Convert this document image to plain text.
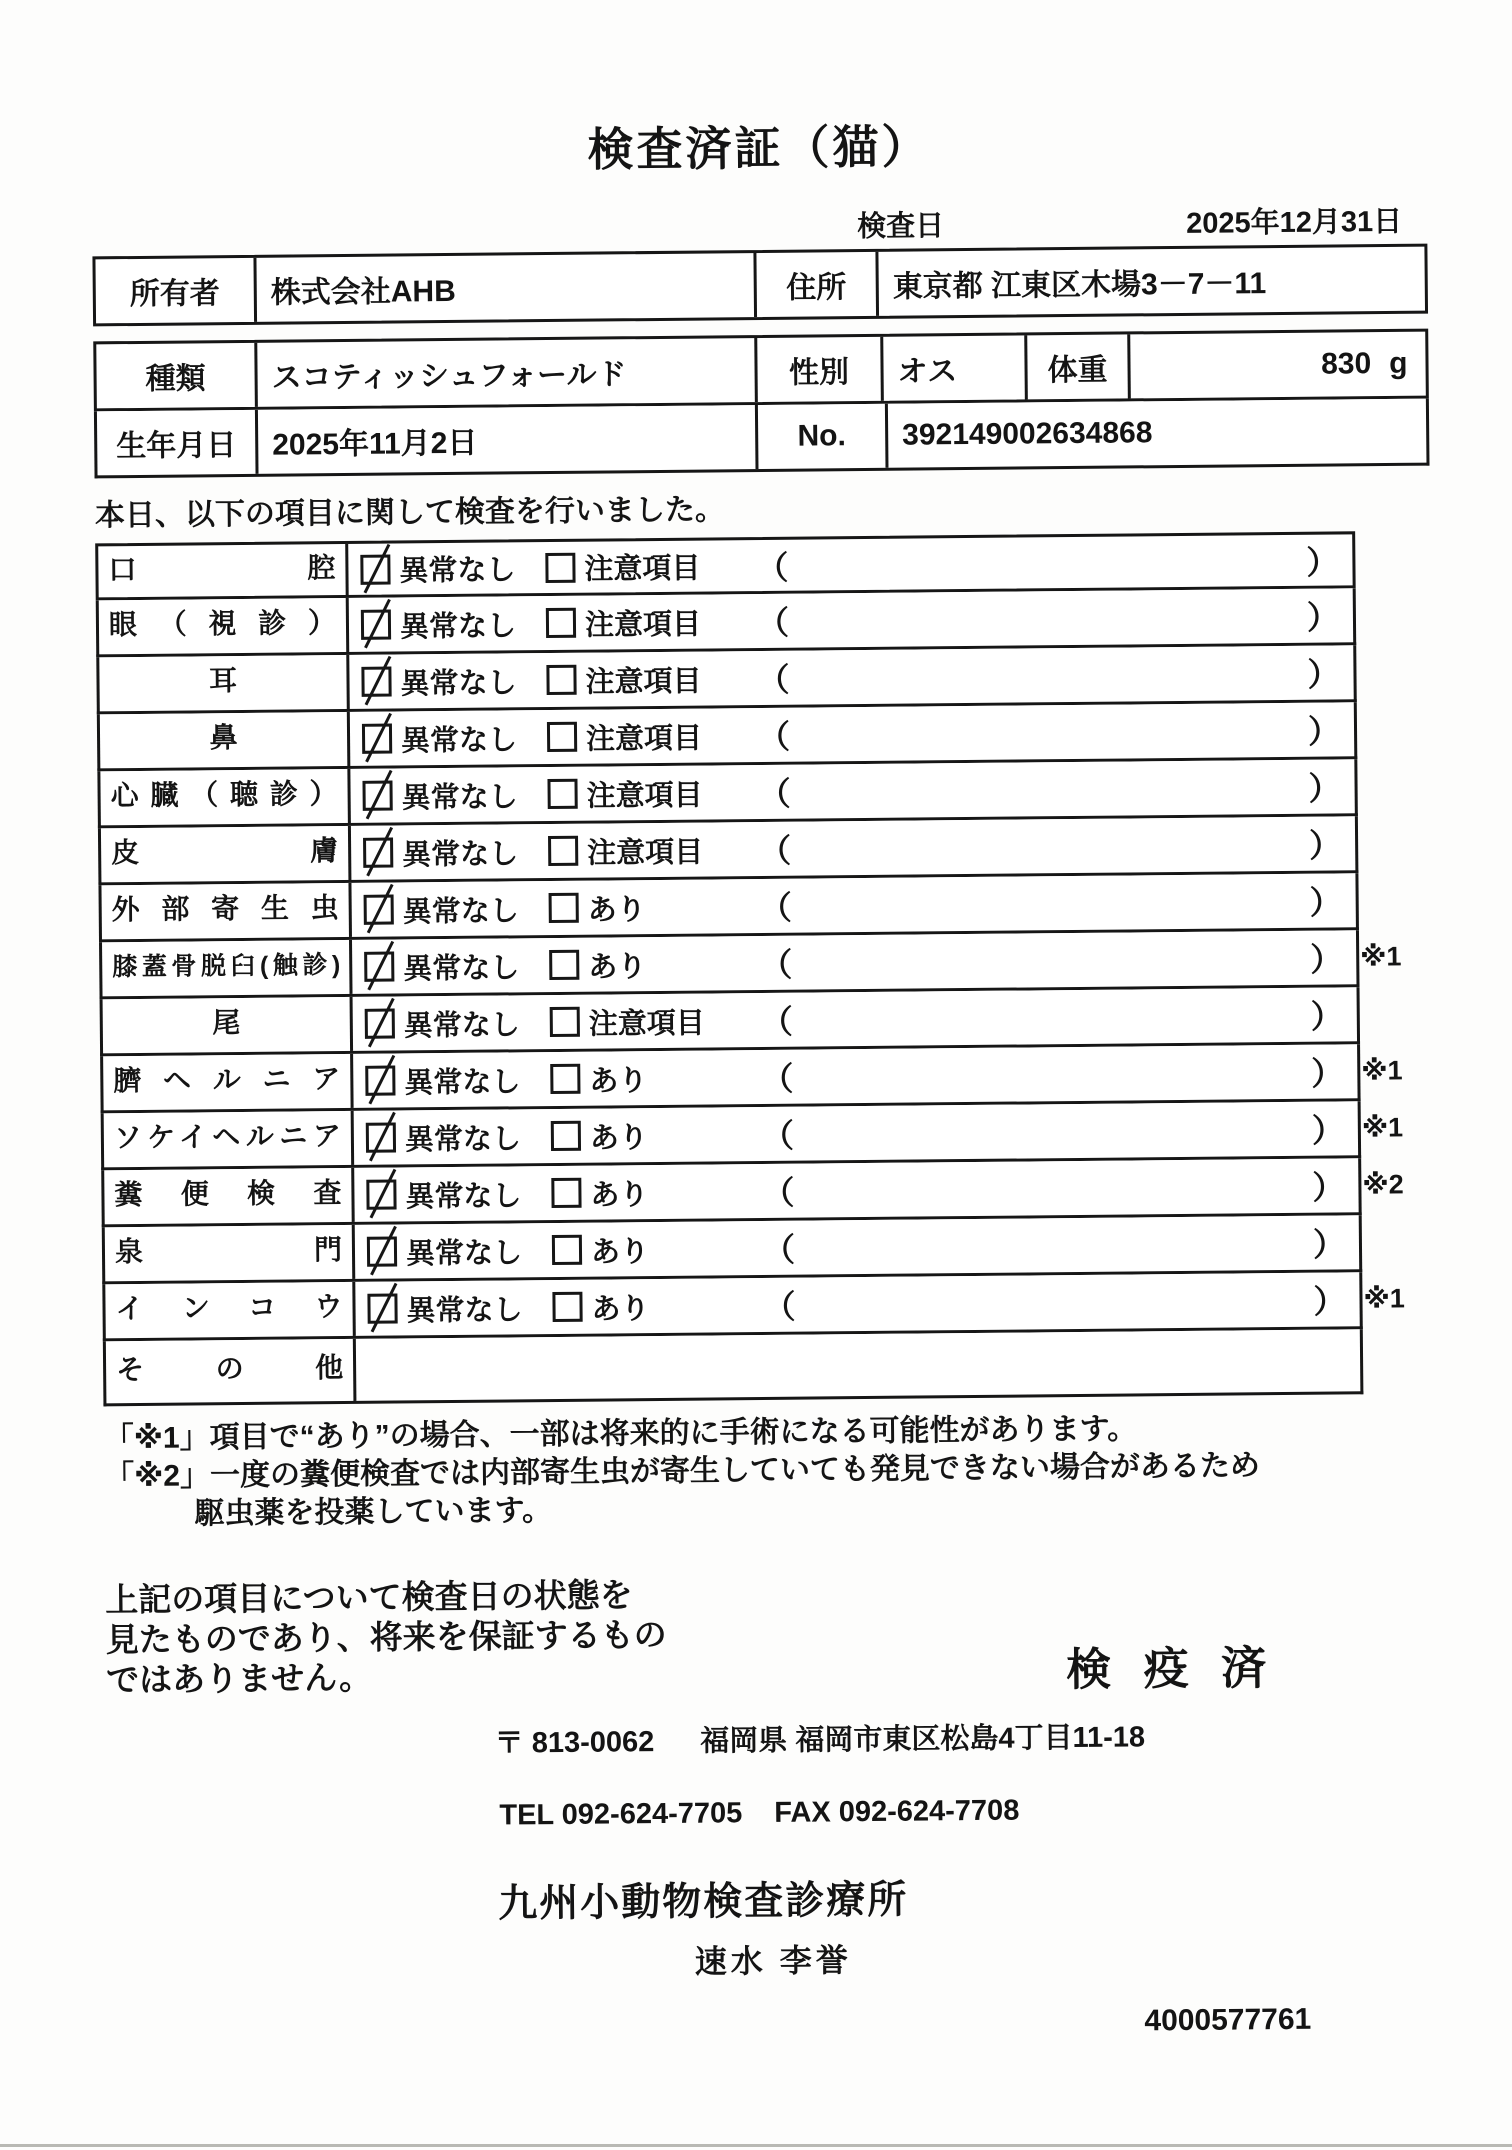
検査済証（猫）
検査日	2025年12月31日
所有者	株式会社AHB	住所	東京都 江東区木場3－7－11
種類	スコティッシュフォールド	性別	オス	体重	830 g
生年月日	2025年11月2日	No.	392149002634868
本日、以下の項目に関して検査を行いました。
口 腔	異常なし 注意項目 （	）
眼 （ 視 診 ）	異常なし 注意項目 （	）
耳	異常なし 注意項目 （	）
鼻	異常なし 注意項目 （	）
心 臓 （ 聴 診 ）	異常なし 注意項目 （	）
皮 膚	異常なし 注意項目 （	）
外 部 寄 生 虫	異常なし あり	（	）
膝蓋骨脱臼(触診)	異常なし あり	（	） ※1
尾	異常なし 注意項目 （	）
臍 ヘ ル ニ ア	異常なし あり	（	） ※1
ソケイヘルニア	異常なし あり	（	） ※1
糞 便 検 査	異常なし あり	（	） ※2
泉 門	異常なし あり	（	）
イ ン コ ウ	異常なし あり	（	） ※1
そ の 他
「※1」項目で“あり”の場合、一部は将来的に手術になる可能性があります。
「※2」一度の糞便検査では内部寄生虫が寄生していても発見できない場合があるため
駆虫薬を投薬しています。
上記の項目について検査日の状態を
見たものであり、将来を保証するもの
ではありません。	検 疫 済
〒 813-0062 福岡県 福岡市東区松島4丁目11-18
TEL 092-624-7705 FAX 092-624-7708
九州小動物検査診療所
速水 李誉
4000577761
